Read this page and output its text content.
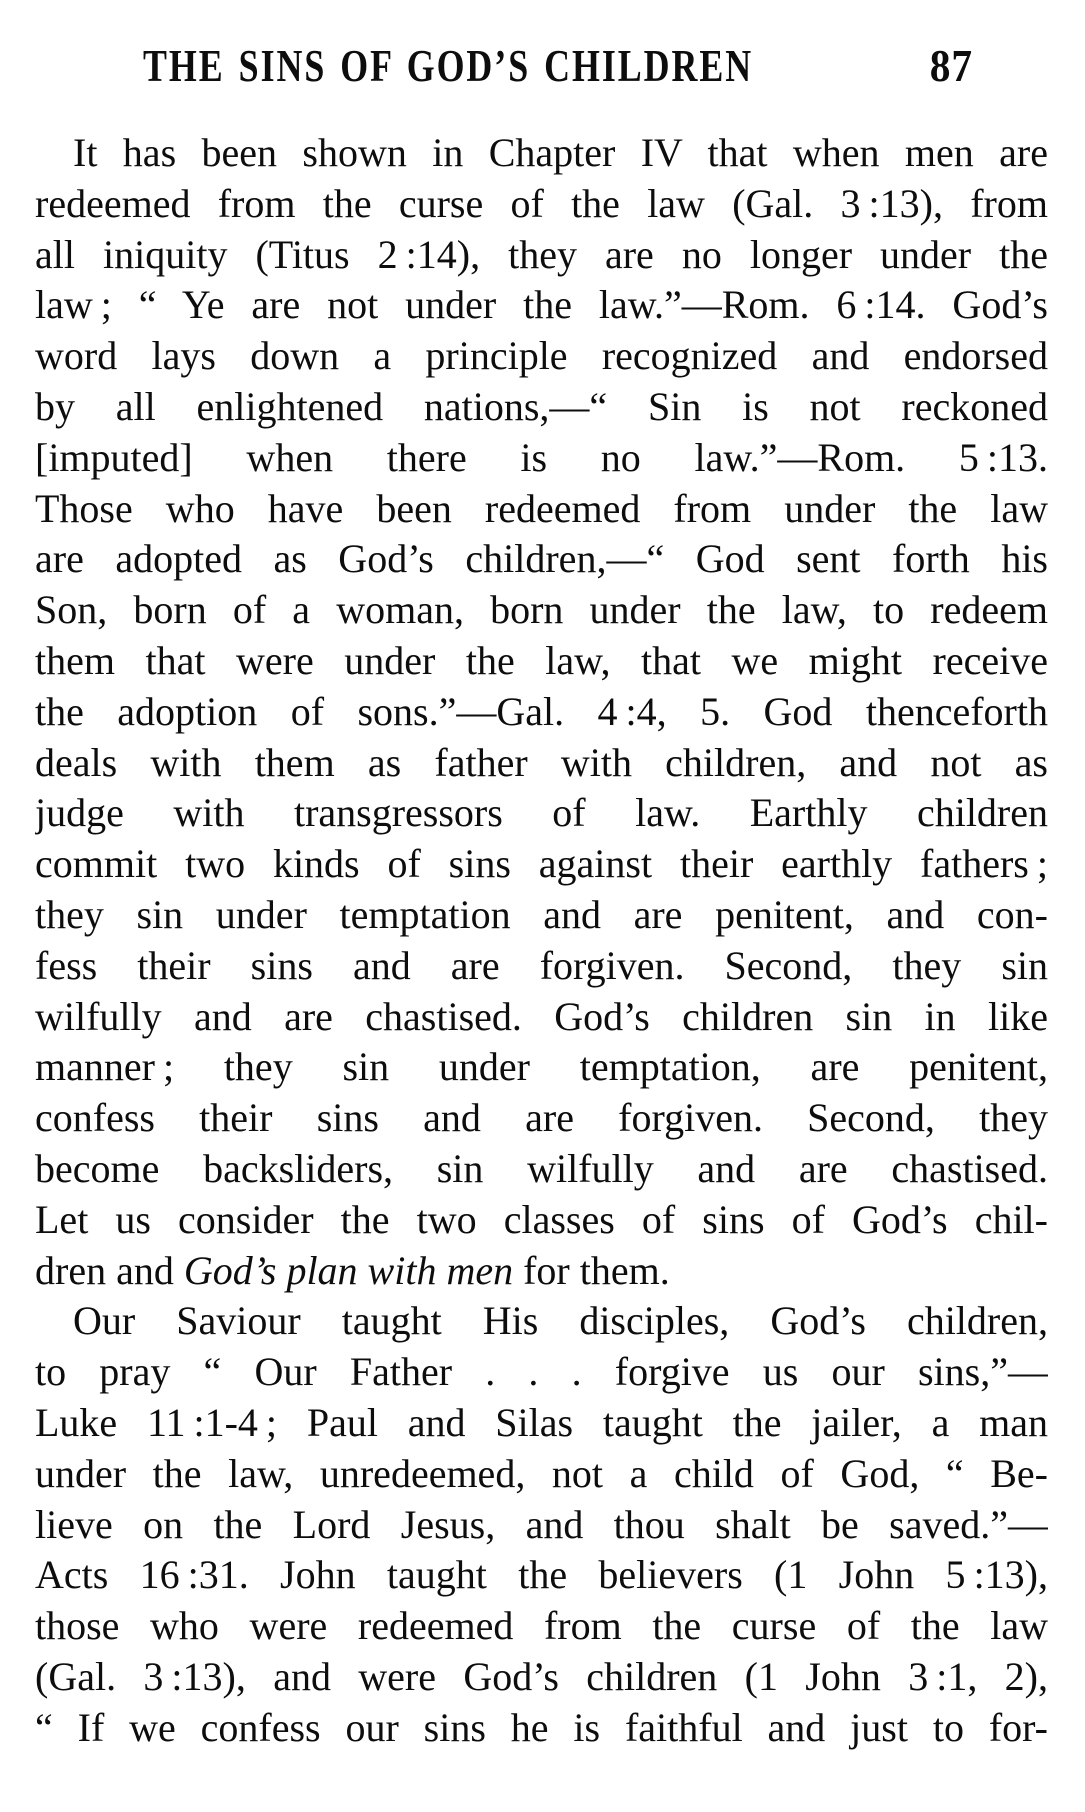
THE SINS OF GOD’S CHILDREN	87
It has been shown in Chapter IV that when men are
redeemed from the curse of the law (Gal. 3 :13), from
all iniquity (Titus 2 :14), they are no longer under the
law ; “ Ye are not under the law.”—Rom. 6 :14. God’s
word lays down a principle recognized and endorsed
by all enlightened nations,—“ Sin is not reckoned
[imputed] when there is no law.”—Rom. 5 :13.
Those who have been redeemed from under the law
are adopted as God’s children,—“ God sent forth his
Son, born of a woman, born under the law, to redeem
them that were under the law, that we might receive
the adoption of sons.”—Gal. 4 :4, 5. God thenceforth
deals with them as father with children, and not as
judge with transgressors of law. Earthly children
commit two kinds of sins against their earthly fathers ;
they sin under temptation and are penitent, and con-
fess their sins and are forgiven. Second, they sin
wilfully and are chastised. God’s children sin in like
manner ; they sin under temptation, are penitent,
confess their sins and are forgiven. Second, they
become backsliders, sin wilfully and are chastised.
Let us consider the two classes of sins of God’s chil-
dren and God’s plan with men for them.
Our Saviour taught His disciples, God’s children,
to pray “ Our Father . . . forgive us our sins,”—
Luke 11 :1-4 ; Paul and Silas taught the jailer, a man
under the law, unredeemed, not a child of God, “ Be-
lieve on the Lord Jesus, and thou shalt be saved.”—
Acts 16 :31. John taught the believers (1 John 5 :13),
those who were redeemed from the curse of the law
(Gal. 3 :13), and were God’s children (1 John 3 :1, 2),
“ If we confess our sins he is faithful and just to for-
